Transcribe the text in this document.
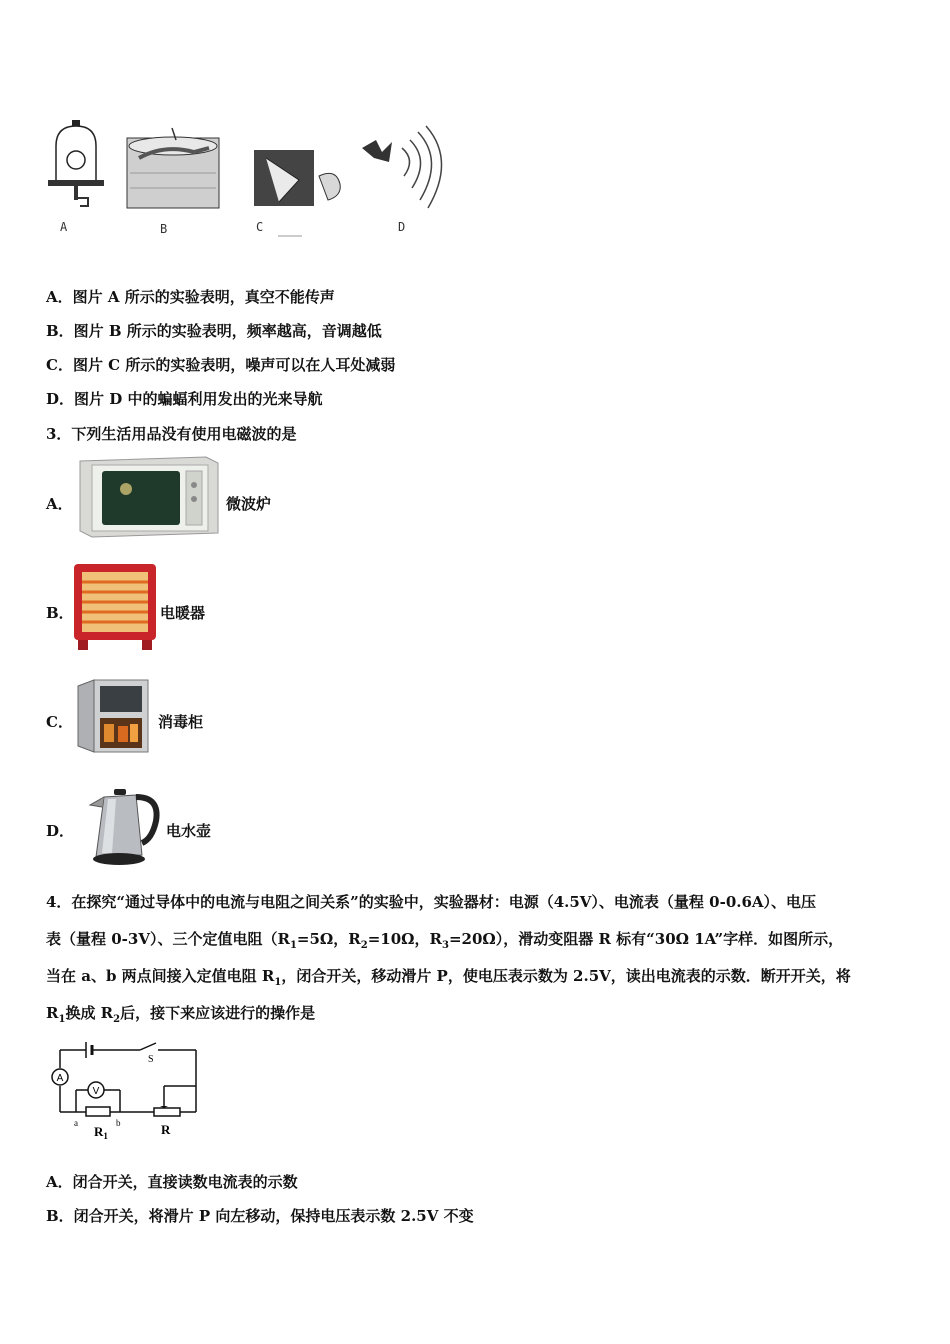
A	B	C	D
A．图片 A 所示的实验表明，真空不能传声
B．图片 B 所示的实验表明，频率越高，音调越低
C．图片 C 所示的实验表明，噪声可以在人耳处减弱
D．图片 D 中的蝙蝠利用发出的光来导航
3．下列生活用品没有使用电磁波的是
A．	微波炉
B．	电暖器
C．	消毒柜
D．	电水壶
4．在探究“通过导体中的电流与电阻之间关系”的实验中，实验器材：电源（4.5V）、电流表（量程 0-0.6A）、电压
表（量程 0-3V）、三个定值电阻（$R_1=5\Omega$，$R_2=10\Omega$，$R_3=20\Omega$），滑动变阻器 R 标有“30Ω 1A”字样．如图所示，
当在 a、b 两点间接入定值电阻 $R_1$，闭合开关，移动滑片 P，使电压表示数为 2.5V，读出电流表的示数．断开开关，将
$R_1$换成 $R_2$后，接下来应该进行的操作是
A
V
S
a	b
$R_1$	R
A．闭合开关，直接读数电流表的示数
B．闭合开关，将滑片 P 向左移动，保持电压表示数 2.5V 不变
